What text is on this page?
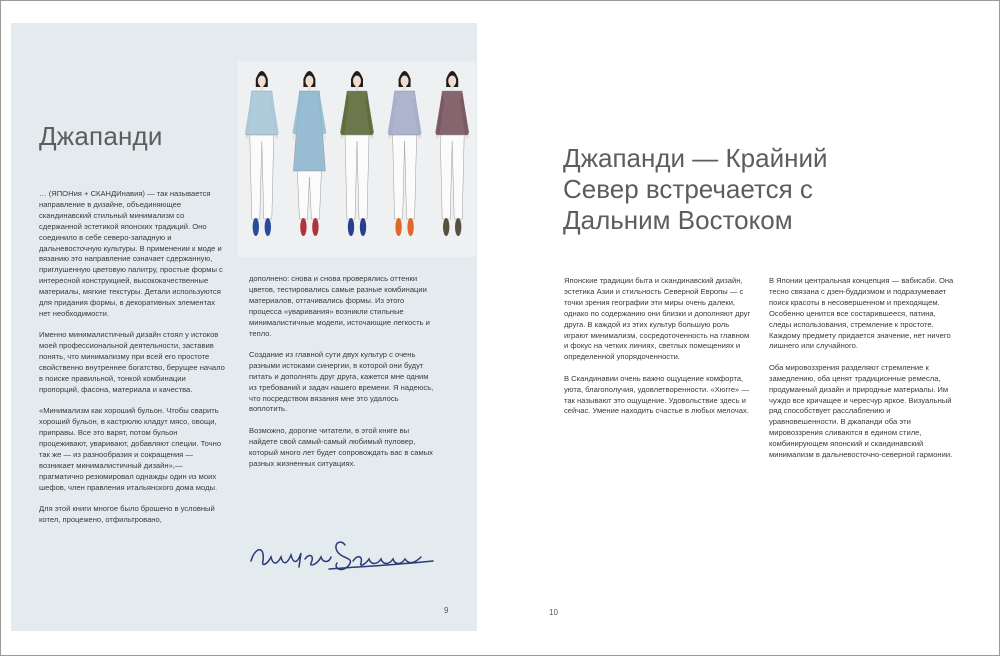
Джапанди

… (ЯПОНия + СКАНДИнавия) — так называется направление в дизайне, объединяющее скандинавский стильный минимализм со сдержанной эстетикой японских традиций. Оно соединило в себе северо-западную и дальневосточную культуры. В применении к моде и вязанию это направление означает сдержанную, приглушенную цветовую палитру, простые формы с интересной конструкцией, высококачественные материалы, мягкие текстуры. Детали используются для придания формы, в декоративных элементах нет необходимости.

Именно минималистичный дизайн стоял у истоков моей профессиональной деятельности, заставив понять, что минимализму при всей его простоте свойственно внутреннее богатство, берущее начало в поиске правильной, тонкой комбинации пропорций, фасона, материала и качества.

«Минимализм как хороший бульон. Чтобы сварить хороший бульон, в кастрюлю кладут мясо, овощи, приправы. Все это варят, потом бульон процеживают, уваривают, добавляют специи. Точно так же — из разнообразия и сокращения — возникает минималистичный дизайн»,— прагматично резюмировал однажды один из моих шефов, член правления итальянского дома моды.

Для этой книги многое было брошено в условный котел, процежено, отфильтровано,

дополнено: снова и снова проверялись оттенки цветов, тестировались самые разные комбинации материалов, оттачивались формы. Из этого процесса «уваривания» возникли стильные минималистичные модели, источающие легкость и тепло.

Создание из главной сути двух культур с очень разными истоками синергии, в которой они будут питать и дополнять друг друга, кажется мне одним из требований и задач нашего времени. Я надеюсь, что посредством вязания мне это удалось воплотить.

Возможно, дорогие читатели, в этой книге вы найдете свой самый-самый любимый пуловер, который много лет будет сопровождать вас в самых разных жизненных ситуациях.

9
Джапанди — Крайний Север встречается с Дальним Востоком

Японские традиции быта и скандинавский дизайн, эстетика Азии и стильность Северной Европы — с точки зрения географии эти миры очень далеки, однако по содержанию они близки и дополняют друг друга. В каждой из этих культур большую роль играют минимализм, сосредоточенность на главном и фокус на четких линиях, светлых помещениях и определенной упорядоченности.

В Скандинавии очень важно ощущение комфорта, уюта, благополучия, удовлетворенности. «Хюгге» — так называют это ощущение. Удовольствие здесь и сейчас. Умение находить счастье в любых мелочах.

В Японии центральная концепция — вабисаби. Она тесно связана с дзен-буддизмом и подразумевает поиск красоты в несовершенном и преходящем. Особенно ценится все состарившееся, патина, следы использования, стремление к простоте. Каждому предмету придается значение, нет ничего лишнего или случайного.

Оба мировоззрения разделяют стремление к замедлению, оба ценят традиционные ремесла, продуманный дизайн и природные материалы. Им чуждо все кричащее и чересчур яркое. Визуальный ряд способствует расслаблению и уравновешенности. В джапанди оба эти мировоззрения сливаются в едином стиле, комбинирующем японский и скандинавский минимализм в дальневосточно-северной гармонии.

10
